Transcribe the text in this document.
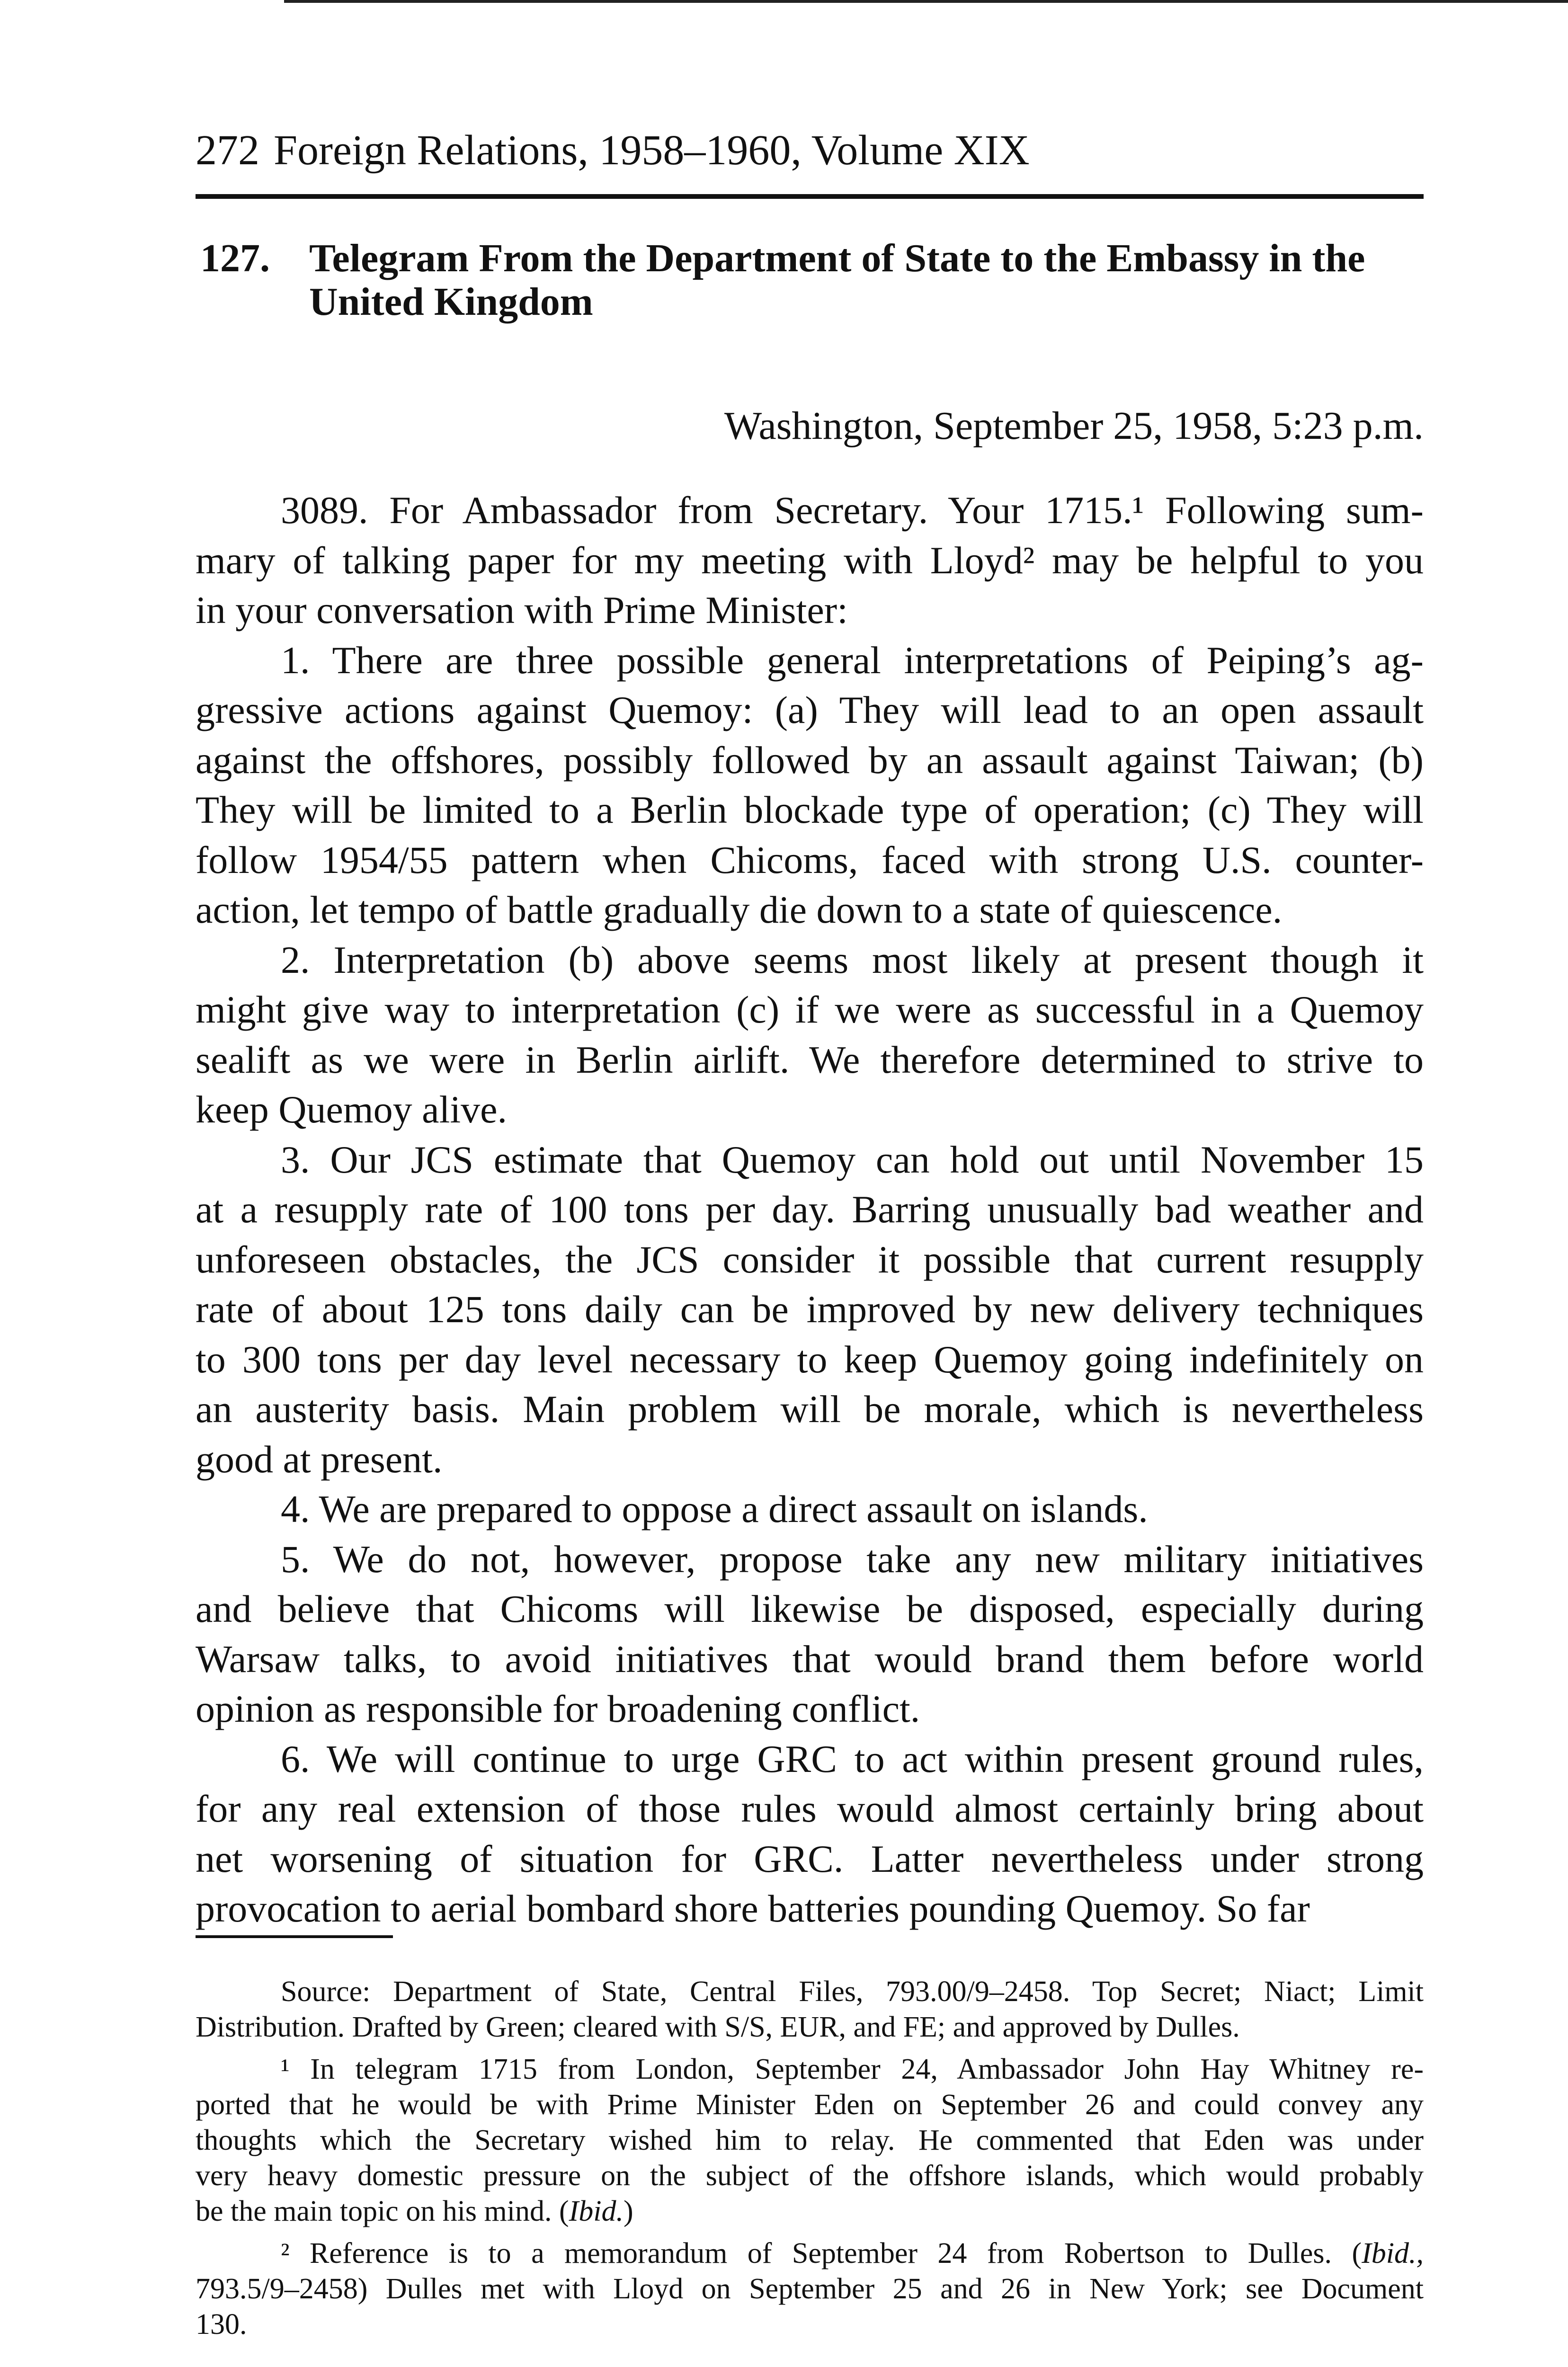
272 Foreign Relations, 1958–1960, Volume XIX
127. Telegram From the Department of State to the Embassy in the
United Kingdom
Washington, September 25, 1958, 5:23 p.m.
3089. For Ambassador from Secretary. Your 1715.¹ Following sum-
mary of talking paper for my meeting with Lloyd² may be helpful to you
in your conversation with Prime Minister:
1. There are three possible general interpretations of Peiping’s ag-
gressive actions against Quemoy: (a) They will lead to an open assault
against the offshores, possibly followed by an assault against Taiwan; (b)
They will be limited to a Berlin blockade type of operation; (c) They will
follow 1954/55 pattern when Chicoms, faced with strong U.S. counter-
action, let tempo of battle gradually die down to a state of quiescence.
2. Interpretation (b) above seems most likely at present though it
might give way to interpretation (c) if we were as successful in a Quemoy
sealift as we were in Berlin airlift. We therefore determined to strive to
keep Quemoy alive.
3. Our JCS estimate that Quemoy can hold out until November 15
at a resupply rate of 100 tons per day. Barring unusually bad weather and
unforeseen obstacles, the JCS consider it possible that current resupply
rate of about 125 tons daily can be improved by new delivery techniques
to 300 tons per day level necessary to keep Quemoy going indefinitely on
an austerity basis. Main problem will be morale, which is nevertheless
good at present.
4. We are prepared to oppose a direct assault on islands.
5. We do not, however, propose take any new military initiatives
and believe that Chicoms will likewise be disposed, especially during
Warsaw talks, to avoid initiatives that would brand them before world
opinion as responsible for broadening conflict.
6. We will continue to urge GRC to act within present ground rules,
for any real extension of those rules would almost certainly bring about
net worsening of situation for GRC. Latter nevertheless under strong
provocation to aerial bombard shore batteries pounding Quemoy. So far
Source: Department of State, Central Files, 793.00/9–2458. Top Secret; Niact; Limit
Distribution. Drafted by Green; cleared with S/S, EUR, and FE; and approved by Dulles.
¹ In telegram 1715 from London, September 24, Ambassador John Hay Whitney re-
ported that he would be with Prime Minister Eden on September 26 and could convey any
thoughts which the Secretary wished him to relay. He commented that Eden was under
very heavy domestic pressure on the subject of the offshore islands, which would probably
be the main topic on his mind. (Ibid.)
² Reference is to a memorandum of September 24 from Robertson to Dulles. (Ibid.,
793.5/9–2458) Dulles met with Lloyd on September 25 and 26 in New York; see Document
130.
